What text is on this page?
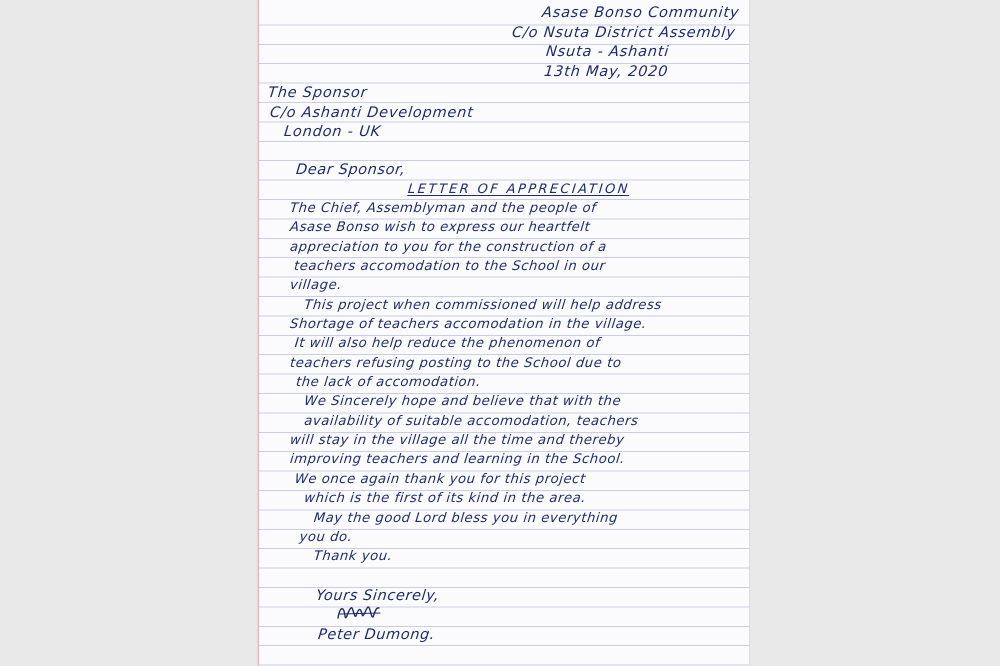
Asase Bonso Community
C/o Nsuta District Assembly
Nsuta - Ashanti
13th May, 2020
The Sponsor
C/o Ashanti Development
London - UK

Dear Sponsor,

LETTER OF APPRECIATION

The Chief, Assemblyman and the people of
Asase Bonso wish to express our heartfelt
appreciation to you for the construction of a
teachers accomodation to the School in our
village.
This project when commissioned will help address
Shortage of teachers accomodation in the village.
It will also help reduce the phenomenon of
teachers refusing posting to the School due to
the lack of accomodation.
We Sincerely hope and believe that with the
availability of suitable accomodation, teachers
will stay in the village all the time and thereby
improving teachers and learning in the School.
We once again thank you for this project
which is the first of its kind in the area.
May the good Lord bless you in everything
you do.
Thank you.

Yours Sincerely,

Peter Dumong.
